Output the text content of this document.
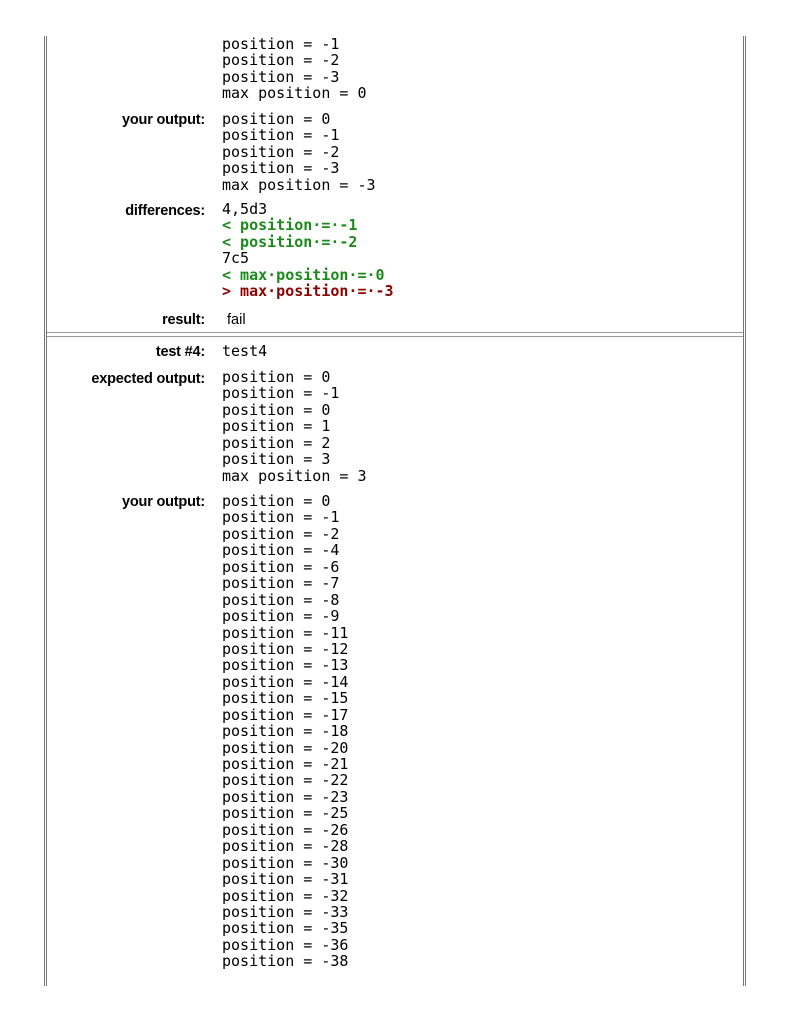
position = -1
position = -2
position = -3
max position = 0
your output: position = 0
position = -1
position = -2
position = -3
max position = -3
differences: 4,5d3
< position·=·-1
< position·=·-2
7c5
< max·position·=·0
> max·position·=·-3
result: fail
test #4: test4
expected output: position = 0
position = -1
position = 0
position = 1
position = 2
position = 3
max position = 3
your output: position = 0
position = -1
position = -2
position = -4
position = -6
position = -7
position = -8
position = -9
position = -11
position = -12
position = -13
position = -14
position = -15
position = -17
position = -18
position = -20
position = -21
position = -22
position = -23
position = -25
position = -26
position = -28
position = -30
position = -31
position = -32
position = -33
position = -35
position = -36
position = -38
